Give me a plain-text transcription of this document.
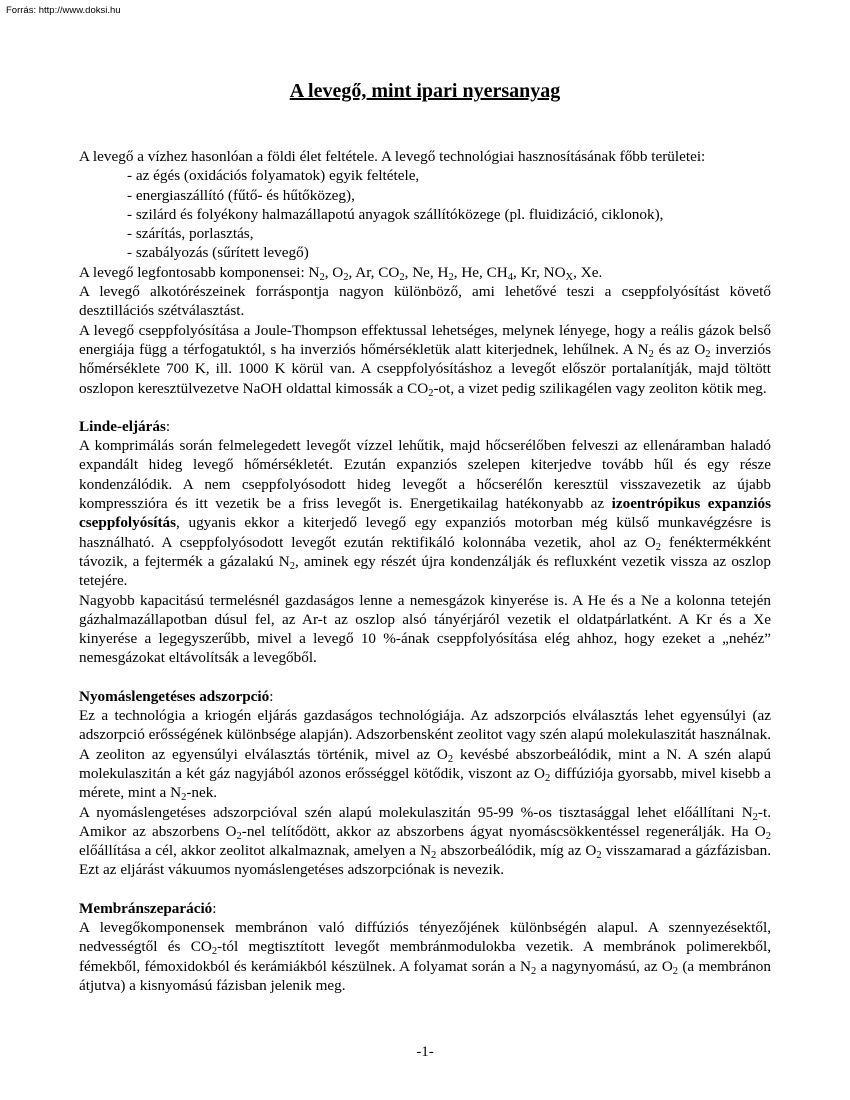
Forrás: http://www.doksi.hu
A levegő, mint ipari nyersanyag

A levegő a vízhez hasonlóan a földi élet feltétele. A levegő technológiai hasznosításának főbb területei:

- az égés (oxidációs folyamatok) egyik feltétele,
- energiaszállító (fűtő- és hűtőközeg),
- szilárd és folyékony halmazállapotú anyagok szállítóközege (pl. fluidizáció, ciklonok),
- szárítás, porlasztás,
- szabályozás (sűrített levegő)

A levegő legfontosabb komponensei: $N_2$, $O_2$, Ar, $CO_2$, Ne, $H_2$, He, $CH_4$, Kr, $NO_X$, Xe.

A levegő alkotórészeinek forráspontja nagyon különböző, ami lehetővé teszi a cseppfolyósítást követő desztillációs szétválasztást.

A levegő cseppfolyósítása a Joule-Thompson effektussal lehetséges, melynek lényege, hogy a reális gázok belső energiája függ a térfogatuktól, s ha inverziós hőmérsékletük alatt kiterjednek, lehűlnek. A $N_2$ és az $O_2$ inverziós hőmérséklete 700 K, ill. 1000 K körül van. A cseppfolyósításhoz a levegőt először portalanítják, majd töltött oszlopon keresztülvezetve NaOH oldattal kimossák a $CO_2-ot$, a vizet pedig szilikagélen vagy zeoliton kötik meg.

Linde-eljárás:

A komprimálás során felmelegedett levegőt vízzel lehűtik, majd hőcserélőben felveszi az ellenáramban haladó expandált hideg levegő hőmérsékletét. Ezután expanziós szelepen kiterjedve tovább hűl és egy része kondenzálódik. A nem cseppfolyósodott hideg levegőt a hőcserélőn keresztül visszavezetik az újabb kompresszióra és itt vezetik be a friss levegőt is. Energetikailag hatékonyabb az izoentrópikus expanziós cseppfolyósítás, ugyanis ekkor a kiterjedő levegő egy expanziós motorban még külső munkavégzésre is használható. A cseppfolyósodott levegőt ezután rektifikáló kolonnába vezetik, ahol az $O_2$ fenéktermékként távozik, a fejtermék a gázalakú $N_2$, aminek egy részét újra kondenzálják és refluxként vezetik vissza az oszlop tetejére.

Nagyobb kapacitású termelésnél gazdaságos lenne a nemesgázok kinyerése is. A He és a Ne a kolonna tetején gázhalmazállapotban dúsul fel, az Ar-t az oszlop alsó tányérjáról vezetik el oldatpárlatként. A Kr és a Xe kinyerése a legegyszerűbb, mivel a levegő 10 %-ának cseppfolyósítása elég ahhoz, hogy ezeket a „nehéz” nemesgázokat eltávolítsák a levegőből.

Nyomáslengetéses adszorpció:

Ez a technológia a kriogén eljárás gazdaságos technológiája. Az adszorpciós elválasztás lehet egyensúlyi (az adszorpció erősségének különbsége alapján). Adszorbensként zeolitot vagy szén alapú molekulaszitát használnak. A zeoliton az egyensúlyi elválasztás történik, mivel az $O_2$ kevésbé abszorbeálódik, mint a N. A szén alapú molekulaszitán a két gáz nagyjából azonos erősséggel kötődik, viszont az $O_2$ diffúziója gyorsabb, mivel kisebb a mérete, mint a $N_2$-nek.

A nyomáslengetéses adszorpcióval szén alapú molekulaszitán 95-99 %-os tisztasággal lehet előállítani $N_2-t$. Amikor az abszorbens $O_2$-nel telítődött, akkor az abszorbens ágyat nyomáscsökkentéssel regenerálják. Ha $O_2$ előállítása a cél, akkor zeolitot alkalmaznak, amelyen a $N_2$ abszorbeálódik, míg az $O_2$ visszamarad a gázfázisban. Ezt az eljárást vákuumos nyomáslengetéses adszorpciónak is nevezik.

Membránszeparáció:

A levegőkomponensek membránon való diffúziós tényezőjének különbségén alapul. A szennyezésektől, nedvességtől és $CO_2$-tól megtisztított levegőt membránmodulokba vezetik. A membránok polimerekből, fémekből, fémoxidokból és kerámiákból készülnek. A folyamat során a $N_2$ a nagynyomású, az $O_2$ (a membránon átjutva) a kisnyomású fázisban jelenik meg.

-1-
